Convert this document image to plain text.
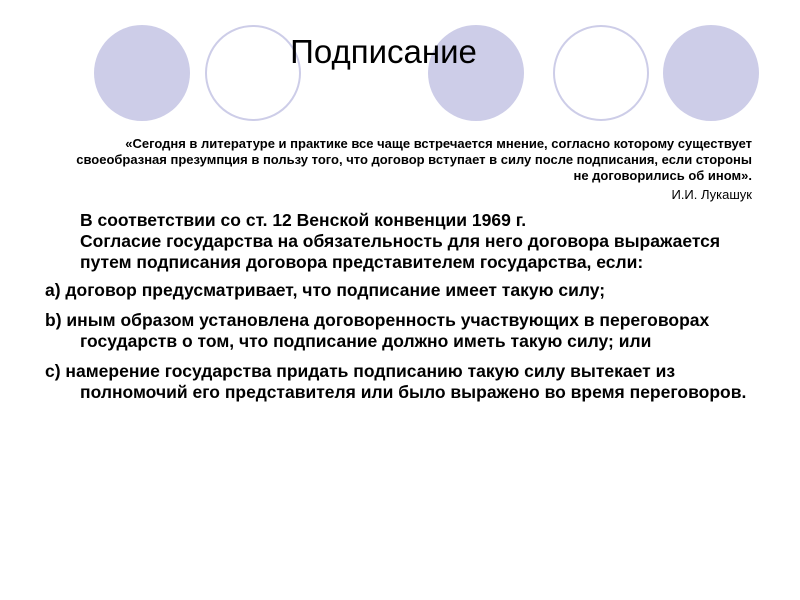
Подписание
«Сегодня в литературе и практике все чаще встречается мнение, согласно которому существует своеобразная презумпция в пользу того, что договор вступает в силу после подписания, если стороны не договорились об ином».
И.И. Лукашук
В соответствии со ст. 12 Венской конвенции 1969 г.
Согласие государства на обязательность для него договора выражается путем подписания договора представителем государства, если:
а) договор предусматривает, что подписание имеет такую силу;
b) иным образом установлена договоренность участвующих в переговорах государств о том, что подписание должно иметь такую силу; или
c) намерение государства придать подписанию такую силу вытекает из полномочий его представителя или было выражено во время переговоров.
